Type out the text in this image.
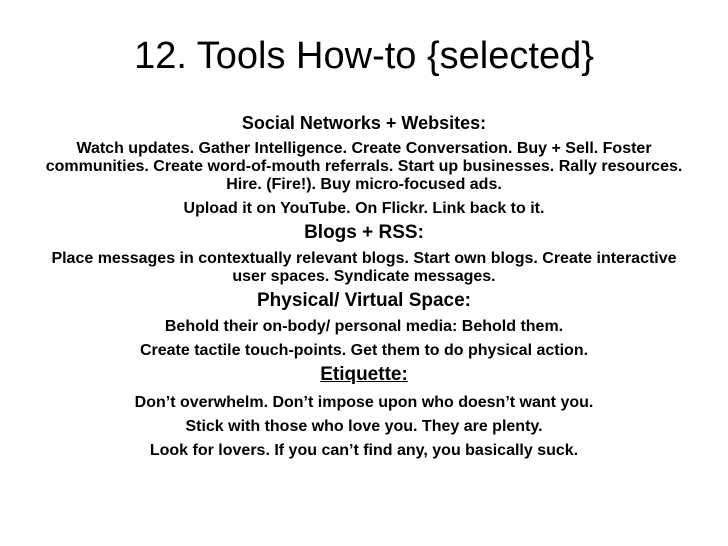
12. Tools How-to {selected}

Social Networks + Websites:

Watch updates. Gather Intelligence. Create Conversation. Buy + Sell. Foster communities. Create word-of-mouth referrals. Start up businesses. Rally resources. Hire. (Fire!). Buy micro-focused ads.

Upload it on YouTube. On Flickr. Link back to it.

Blogs + RSS:

Place messages in contextually relevant blogs. Start own blogs. Create interactive user spaces. Syndicate messages.

Physical/ Virtual Space:

Behold their on-body/ personal media: Behold them.

Create tactile touch-points. Get them to do physical action.

Etiquette:

Don’t overwhelm. Don’t impose upon who doesn’t want you.

Stick with those who love you. They are plenty.

Look for lovers. If you can’t find any, you basically suck.
